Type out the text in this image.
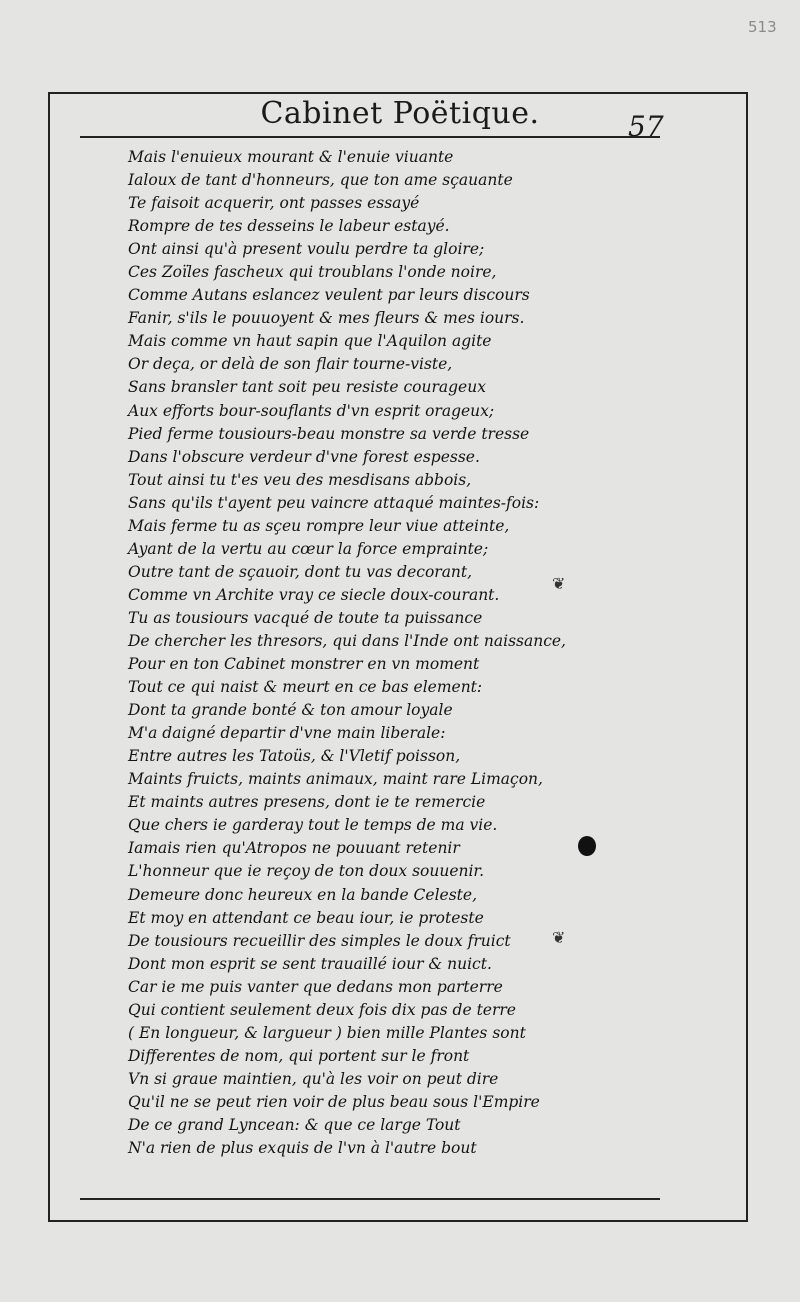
513
Cabinet Poëtique.	57
Mais l'enuieux mourant & l'enuie viuante
Ialoux de tant d'honneurs, que ton ame sçauante
Te faisoit acquerir, ont passes essayé
Rompre de tes desseins le labeur estayé.
Ont ainsi qu'à present voulu perdre ta gloire;
Ces Zoïles fascheux qui troublans l'onde noire,
Comme Autans eslancez veulent par leurs discours
Fanir, s'ils le pouuoyent & mes fleurs & mes iours.
Mais comme vn haut sapin que l'Aquilon agite
Or deça, or delà de son flair tourne-viste,
Sans bransler tant soit peu resiste courageux
Aux efforts bour-souflants d'vn esprit orageux;
Pied ferme tousiours-beau monstre sa verde tresse
Dans l'obscure verdeur d'vne forest espesse.
Tout ainsi tu t'es veu des mesdisans abbois,
Sans qu'ils t'ayent peu vaincre attaqué maintes-fois:
Mais ferme tu as sçeu rompre leur viue atteinte,
Ayant de la vertu au cœur la force emprainte;
Outre tant de sçauoir, dont tu vas decorant,
Comme vn Archite vray ce siecle doux-courant.
Tu as tousiours vacqué de toute ta puissance
De chercher les thresors, qui dans l'Inde ont naissance,
Pour en ton Cabinet monstrer en vn moment
Tout ce qui naist & meurt en ce bas element:
Dont ta grande bonté & ton amour loyale
M'a daigné departir d'vne main liberale:
Entre autres les Tatoüs, & l'Vletif poisson,
Maints fruicts, maints animaux, maint rare Limaçon,
Et maints autres presens, dont ie te remercie
Que chers ie garderay tout le temps de ma vie.
Iamais rien qu'Atropos ne pouuant retenir
L'honneur que ie reçoy de ton doux souuenir.
Demeure donc heureux en la bande Celeste,
Et moy en attendant ce beau iour, ie proteste
De tousiours recueillir des simples le doux fruict
Dont mon esprit se sent trauaillé iour & nuict.
Car ie me puis vanter que dedans mon parterre
Qui contient seulement deux fois dix pas de terre
( En longueur, & largueur ) bien mille Plantes sont
Differentes de nom, qui portent sur le front
Vn si graue maintien, qu'à les voir on peut dire
Qu'il ne se peut rien voir de plus beau sous l'Empire
De ce grand Lyncean: & que ce large Tout
N'a rien de plus exquis de l'vn à l'autre bout
❦
❦
